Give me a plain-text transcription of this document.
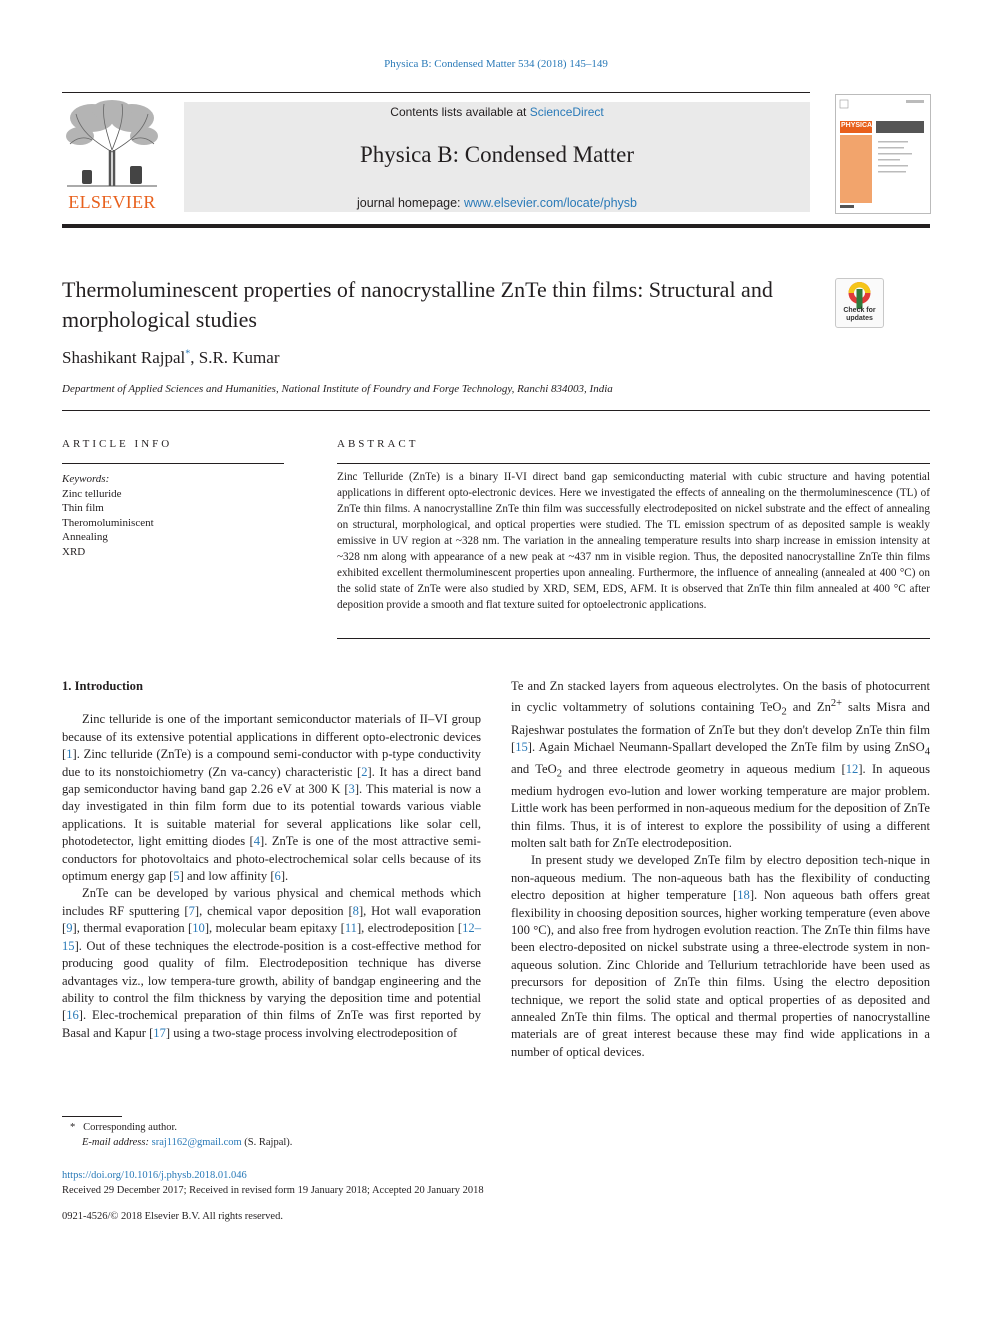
Physica B: Condensed Matter 534 (2018) 145–149
ELSEVIER
Contents lists available at ScienceDirect
Physica B: Condensed Matter
journal homepage: www.elsevier.com/locate/physb
PHYSICA
Thermoluminescent properties of nanocrystalline ZnTe thin films: Structural and morphological studies	Check for
updates
Shashikant Rajpal*, S.R. Kumar
Department of Applied Sciences and Humanities, National Institute of Foundry and Forge Technology, Ranchi 834003, India
ARTICLE INFO	ABSTRACT
Keywords:
Zinc telluride
Thin film
Theromoluminiscent
Annealing
XRD

Zinc Telluride (ZnTe) is a binary II-VI direct band gap semiconducting material with cubic structure and having potential applications in different opto-electronic devices. Here we investigated the effects of annealing on the thermoluminescence (TL) of ZnTe thin films. A nanocrystalline ZnTe thin film was successfully electrodeposited on nickel substrate and the effect of annealing on structural, morphological, and optical properties were studied. The TL emission spectrum of as deposited sample is weakly emissive in UV region at ~328 nm. The variation in the annealing temperature results into sharp increase in emission intensity at ~328 nm along with appearance of a new peak at ~437 nm in visible region. Thus, the deposited nanocrystalline ZnTe thin films exhibited excellent thermoluminescent properties upon annealing. Furthermore, the influence of annealing (annealed at 400 °C) on the solid state of ZnTe were also studied by XRD, SEM, EDS, AFM. It is observed that ZnTe thin film annealed at 400 °C after deposition provide a smooth and flat texture suited for optoelectronic applications.

1. Introduction

Zinc telluride is one of the important semiconductor materials of II–VI group because of its extensive potential applications in different opto-electronic devices [1]. Zinc telluride (ZnTe) is a compound semi-conductor with p-type conductivity due to its nonstoichiometry (Zn va-cancy) characteristic [2]. It has a direct band gap semiconductor having band gap 2.26 eV at 300 K [3]. This material is now a day investigated in thin film form due to its potential towards various viable applications. It is suitable material for several applications like solar cell, photodetector, light emitting diodes [4]. ZnTe is one of the most attractive semi-conductors for photovoltaics and photo-electrochemical solar cells because of its optimum energy gap [5] and low affinity [6].

ZnTe can be developed by various physical and chemical methods which includes RF sputtering [7], chemical vapor deposition [8], Hot wall evaporation [9], thermal evaporation [10], molecular beam epitaxy [11], electrodeposition [12–15]. Out of these techniques the electrode-position is a cost-effective method for producing good quality of film. Electrodeposition technique has diverse advantages viz., low tempera-ture growth, ability of bandgap engineering and the ability to control the film thickness by varying the deposition time and potential [16]. Elec-trochemical preparation of thin films of ZnTe was first reported by Basal and Kapur [17] using a two-stage process involving electrodeposition of

Te and Zn stacked layers from aqueous electrolytes. On the basis of photocurrent in cyclic voltammetry of solutions containing TeO$_2$ and $Zn^{2+}$ salts Misra and Rajeshwar postulates the formation of ZnTe but they don't develop ZnTe thin film [15]. Again Michael Neumann-Spallart developed the ZnTe film by using ZnSO$_4$ and TeO$_2$ and three electrode geometry in aqueous medium [12]. In aqueous medium hydrogen evo-lution and lower working temperature are major problem. Little work has been performed in non-aqueous medium for the deposition of ZnTe thin films. Thus, it is of interest to explore the possibility of using a different molten salt bath for ZnTe electrodeposition.

In present study we developed ZnTe film by electro deposition tech-nique in non-aqueous medium. The non-aqueous bath has the flexibility of conducting electro deposition at higher temperature [18]. Non aqueous bath offers great flexibility in choosing deposition sources, higher working temperature (even above 100 °C), and also free from hydrogen evolution reaction. The ZnTe thin films have been electro-deposited on nickel substrate using a three-electrode system in non-aqueous solution. Zinc Chloride and Tellurium tetrachloride have been used as precursors for deposition of ZnTe thin films. Using the electro deposition technique, we report the solid state and optical properties of as deposited and annealed ZnTe thin films. The optical and thermal properties of nanocrystalline materials are of great interest because these may find wide applications in a number of optical devices.

* Corresponding author.
E-mail address: sraj1162@gmail.com (S. Rajpal).
https://doi.org/10.1016/j.physb.2018.01.046
Received 29 December 2017; Received in revised form 19 January 2018; Accepted 20 January 2018
0921-4526/© 2018 Elsevier B.V. All rights reserved.
